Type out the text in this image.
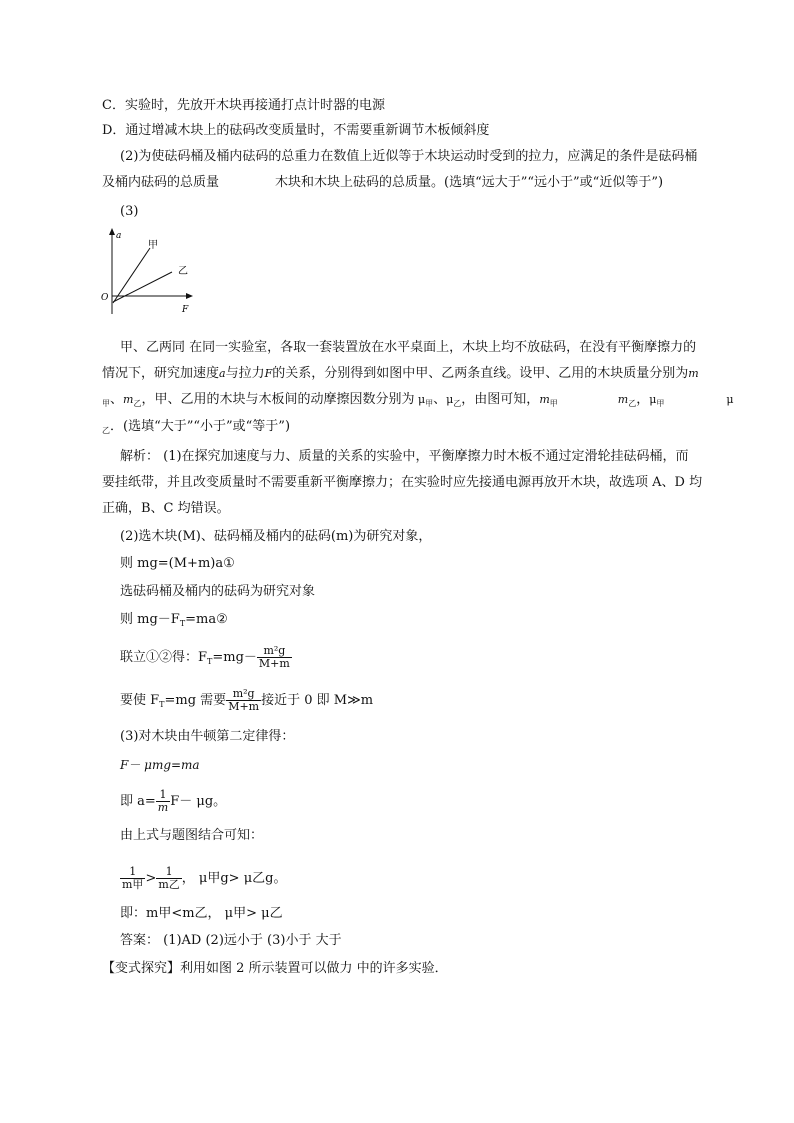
C．实验时，先放开木块再接通打点计时器的电源
D．通过增减木块上的砝码改变质量时，不需要重新调节木板倾斜度
(2)为使砝码桶及桶内砝码的总重力在数值上近似等于木块运动时受到的拉力，应满足的条件是砝码桶
及桶内砝码的总质量	木块和木块上砝码的总质量。(选填“远大于”“远小于”或“近似等于”)
(3)
a
O
F
甲
乙
甲、乙两同 在同一实验室，各取一套装置放在水平桌面上，木块上均不放砝码，在没有平衡摩擦力的
情况下，研究加速度a与拉力F的关系，分别得到如图中甲、乙两条直线。设甲、乙用的木块质量分别为m
$_甲$、$m_乙$，甲、乙用的木块与木板间的动摩擦因数分别为 $\mu_甲$、$\mu_乙$，由图可知，$m_甲$	$m_乙$，$\mu_甲$	μ
$_乙$．(选填“大于”“小于”或“等于”)
解析： (1)在探究加速度与力、质量的关系的实验中，平衡摩擦力时木板不通过定滑轮挂砝码桶，而
要挂纸带，并且改变质量时不需要重新平衡摩擦力；在实验时应先接通电源再放开木块，故选项 A、D 均
正确，B、C 均错误。
(2)选木块(M)、砝码桶及桶内的砝码(m)为研究对象，
则 mg=(M+m)a①
选砝码桶及桶内的砝码为研究对象
则 $mg-F_T=ma②$
联立①②得：$F_T=mg- \frac{\text{m²g}}{M+m}$
要使 $F_T=mg$ 需要 $\frac{\text{m²g}}{M+m}$ 接近于 0 即 M≫m
(3)对木块由牛顿第二定律得：
F－ μmg=ma
即 $a= \frac{1}{m} F- \mu g$。
由上式与题图结合可知：
$\frac{1}{\text{m甲}} > \frac{1}{\text{m乙}}$ ， μ甲g> μ乙g。
即：m甲<m乙， μ甲> μ乙
答案： (1)AD (2)远小于 (3)小于 大于
【变式探究】利用如图 2 所示装置可以做力 中的许多实验．
